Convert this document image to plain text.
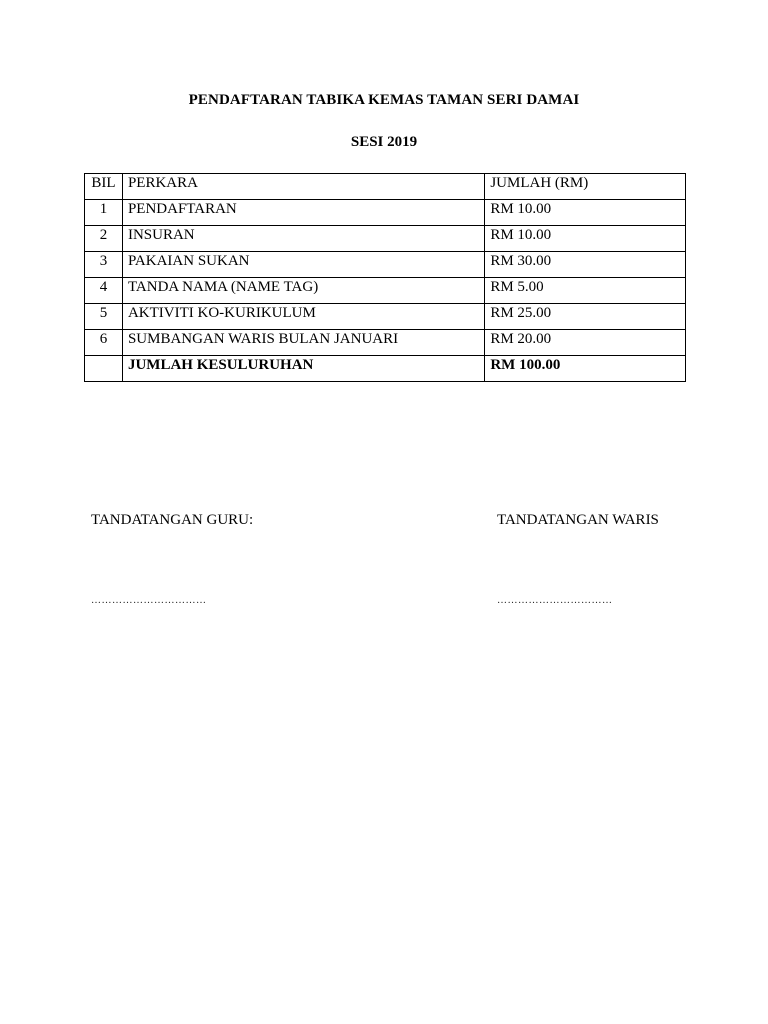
PENDAFTARAN TABIKA KEMAS TAMAN SERI DAMAI
SESI 2019
BIL	PERKARA	JUMLAH (RM)
1	PENDAFTARAN	RM 10.00
2	INSURAN	RM 10.00
3	PAKAIAN SUKAN	RM 30.00
4	TANDA NAMA (NAME TAG)	RM 5.00
5	AKTIVITI KO-KURIKULUM	RM 25.00
6	SUMBANGAN WARIS BULAN JANUARI	RM 20.00
	JUMLAH KESULURUHAN	RM 100.00
TANDATANGAN GURU:	TANDATANGAN WARIS
……………………………	……………………………
